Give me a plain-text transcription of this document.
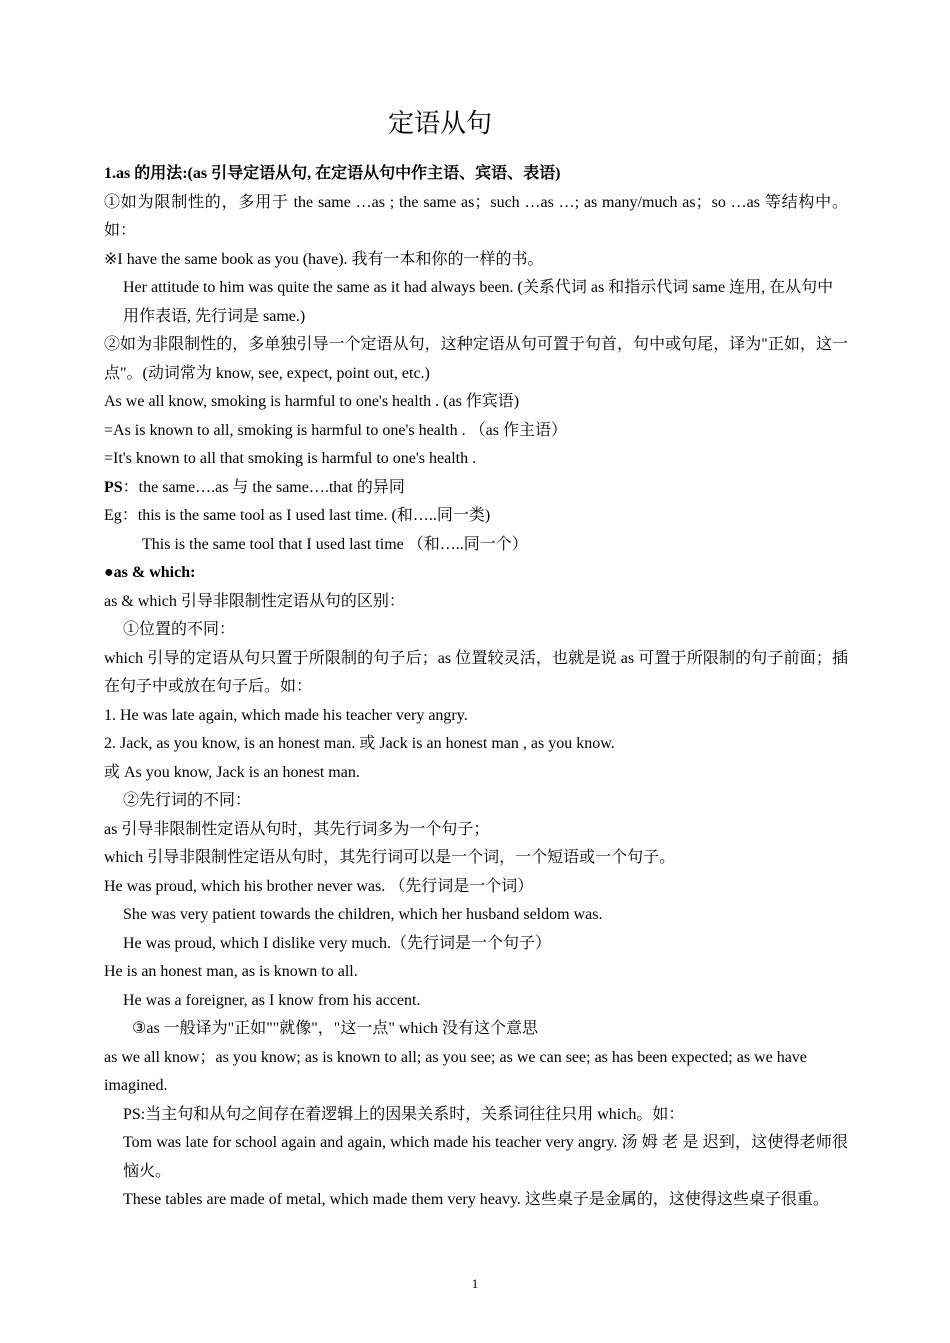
定语从句
1.as 的用法:(as 引导定语从句, 在定语从句中作主语、宾语、表语)
①如为限制性的，多用于 the same …as ; the same as；such …as …; as many/much as；so …as 等结构中。如：
※I have the same book as you (have). 我有一本和你的一样的书。
Her attitude to him was quite the same as it had always been. (关系代词 as 和指示代词 same 连用, 在从句中用作表语, 先行词是 same.)
②如为非限制性的，多单独引导一个定语从句，这种定语从句可置于句首，句中或句尾，译为"正如，这一点"。(动词常为 know, see, expect, point out, etc.)
As we all know, smoking is harmful to one's health . (as 作宾语)
=As is known to all, smoking is harmful to one's health . （as 作主语）
=It's known to all that smoking is harmful to one's health .
PS：the same….as 与 the same….that 的异同
Eg：this is the same tool as I used last time. (和…..同一类)
This is the same tool that I used last time （和…..同一个）
●as & which:
as & which 引导非限制性定语从句的区别：
①位置的不同：
which 引导的定语从句只置于所限制的句子后；as 位置较灵活，也就是说 as 可置于所限制的句子前面；插在句子中或放在句子后。如：
1. He was late again, which made his teacher very angry.
2. Jack, as you know, is an honest man. 或 Jack is an honest man , as you know.
或 As you know, Jack is an honest man.
②先行词的不同：
as 引导非限制性定语从句时，其先行词多为一个句子；
which 引导非限制性定语从句时，其先行词可以是一个词，一个短语或一个句子。
He was proud, which his brother never was. （先行词是一个词）
She was very patient towards the children, which her husband seldom was.
He was proud, which I dislike very much.（先行词是一个句子）
He is an honest man, as is known to all.
He was a foreigner, as I know from his accent.
③as 一般译为"正如""就像"，"这一点" which 没有这个意思
as we all know；as you know; as is known to all; as you see; as we can see; as has been expected; as we have imagined.
PS:当主句和从句之间存在着逻辑上的因果关系时，关系词往往只用 which。如：
Tom was late for school again and again, which made his teacher very angry. 汤 姆 老 是 迟到，这使得老师很恼火。
These tables are made of metal, which made them very heavy. 这些桌子是金属的，这使得这些桌子很重。
1
